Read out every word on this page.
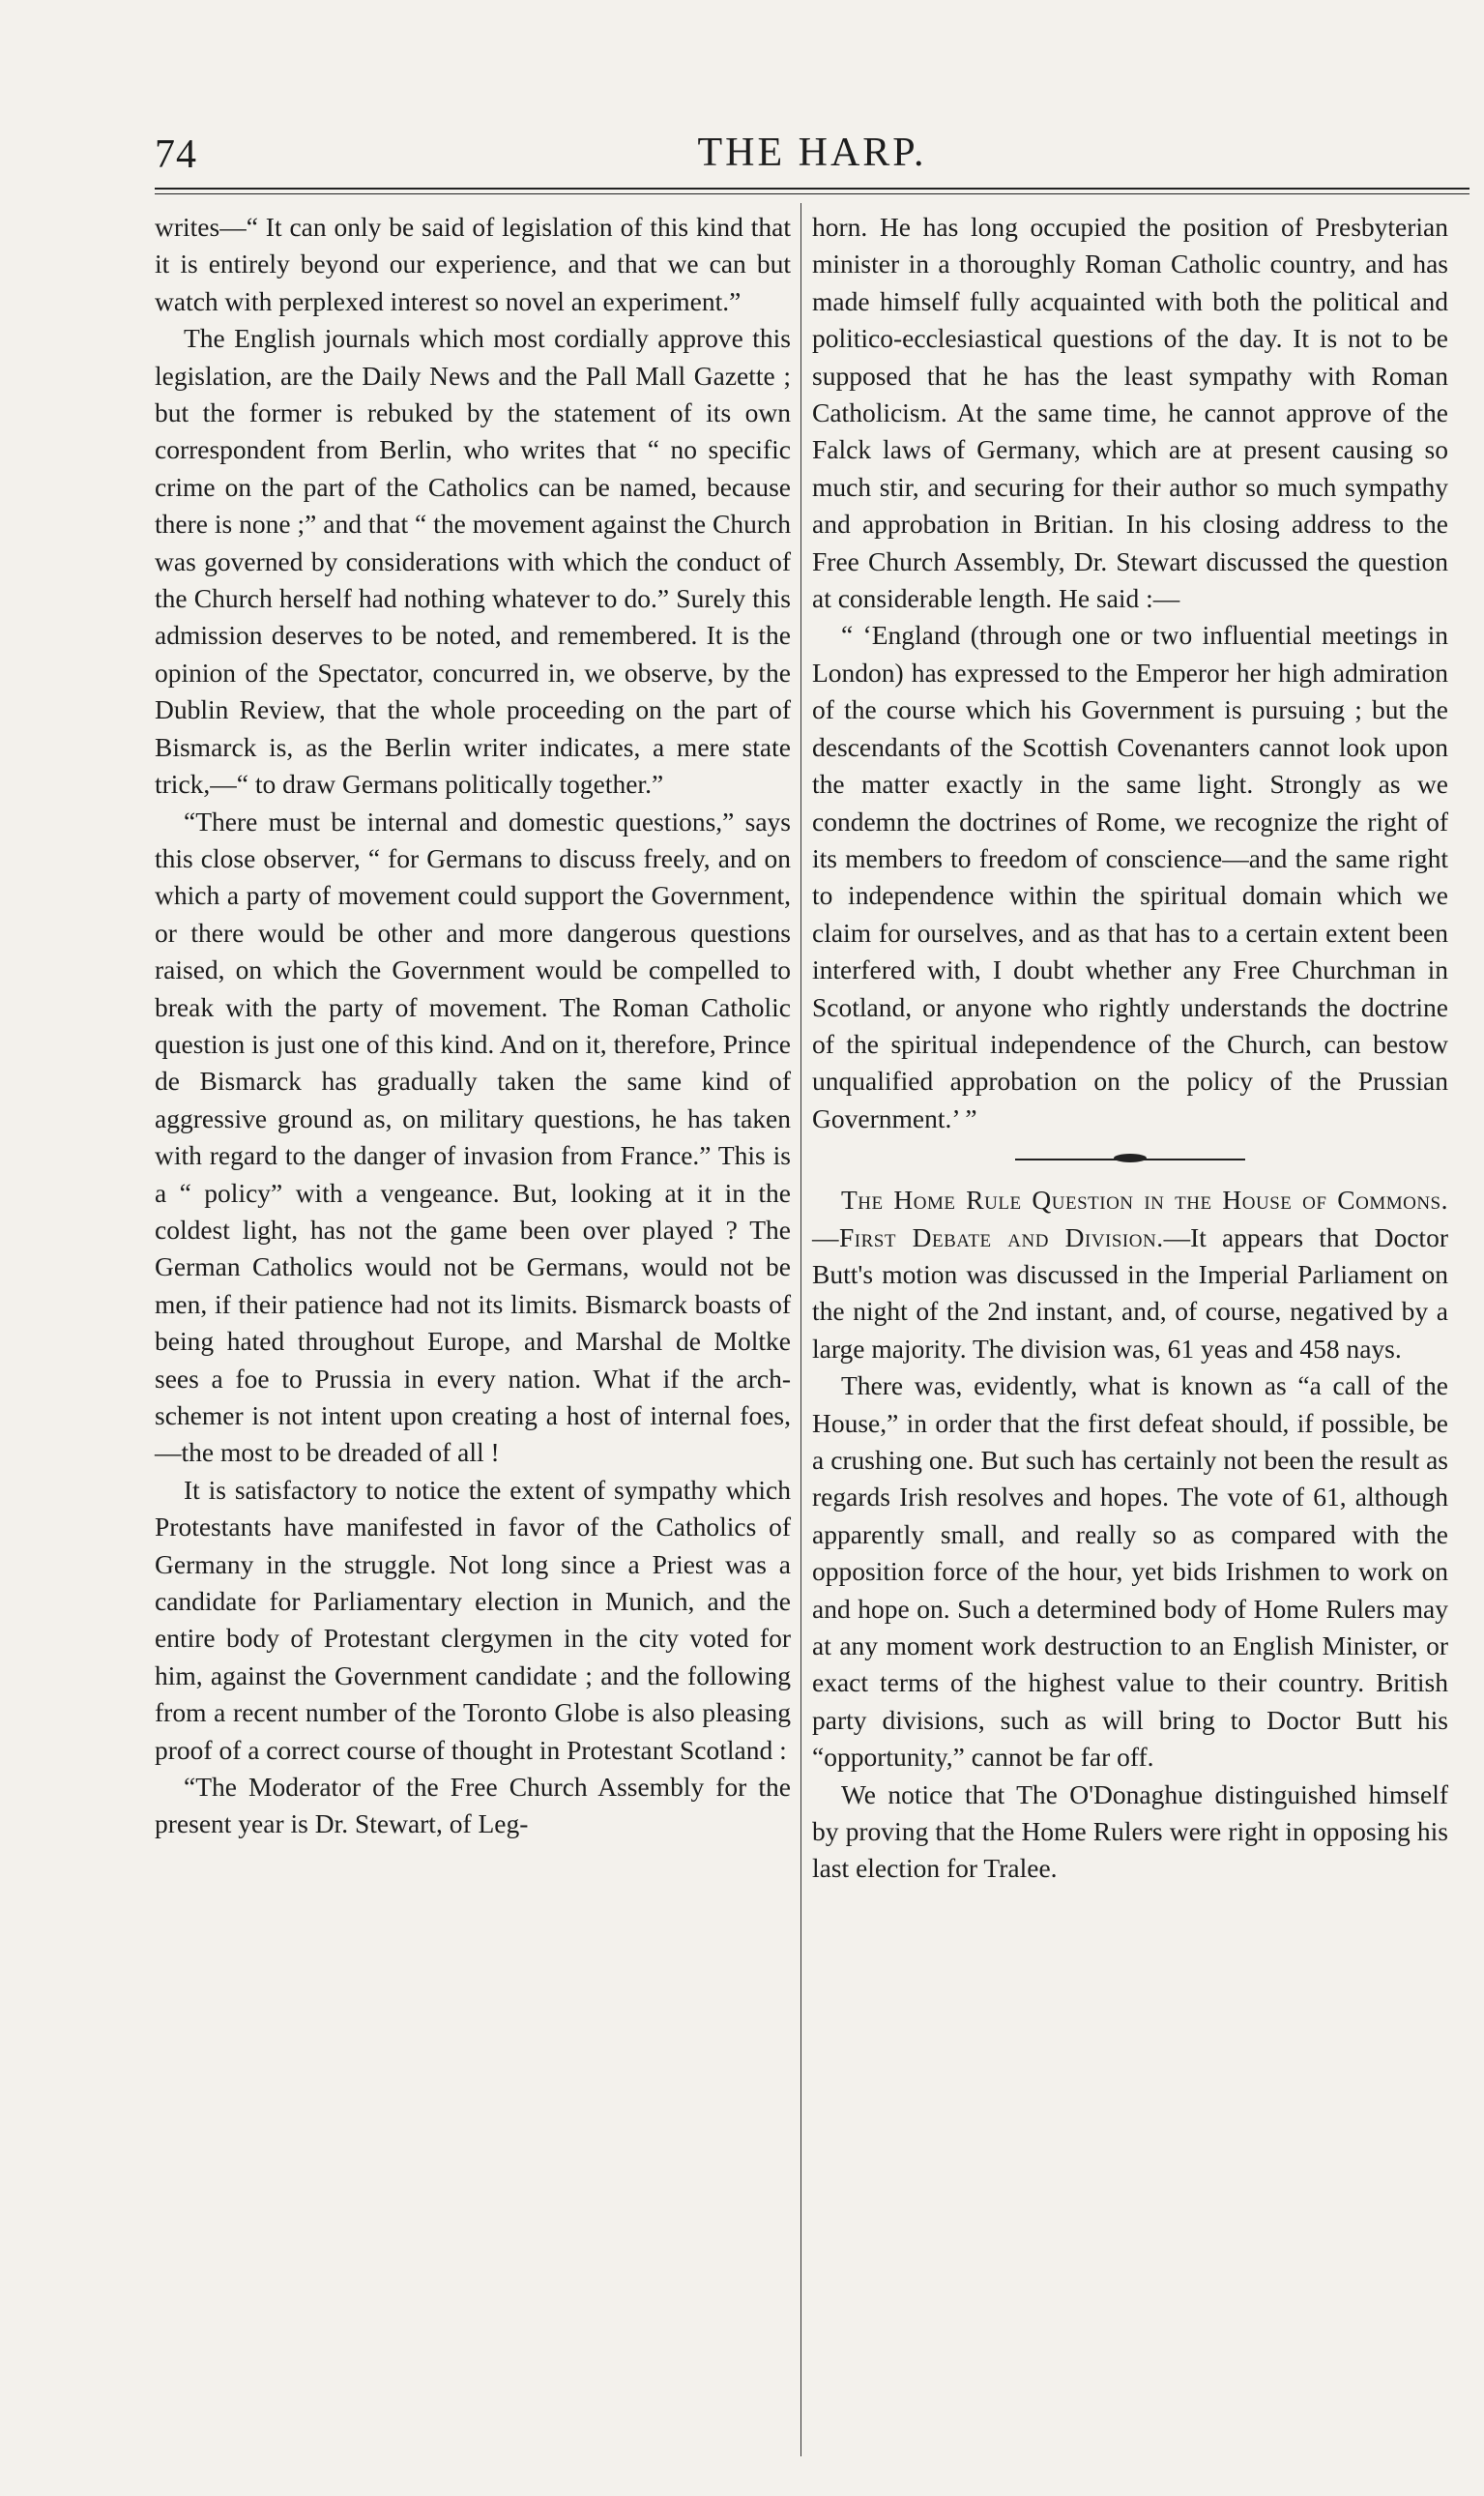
74	THE HARP.

writes—“ It can only be said of legislation of this kind that it is entirely beyond our experience, and that we can but watch with perplexed interest so novel an experiment.”

The English journals which most cordially approve this legislation, are the Daily News and the Pall Mall Gazette ; but the former is rebuked by the statement of its own correspondent from Berlin, who writes that “ no specific crime on the part of the Catholics can be named, because there is none ;” and that “ the movement against the Church was governed by considerations with which the conduct of the Church herself had nothing whatever to do.” Surely this admission deserves to be noted, and remembered. It is the opinion of the Spectator, concurred in, we observe, by the Dublin Review, that the whole proceeding on the part of Bismarck is, as the Berlin writer indicates, a mere state trick,—“ to draw Germans politically together.”

“There must be internal and domestic questions,” says this close observer, “ for Germans to discuss freely, and on which a party of movement could support the Government, or there would be other and more dangerous questions raised, on which the Government would be compelled to break with the party of movement. The Roman Catholic question is just one of this kind. And on it, therefore, Prince de Bismarck has gradually taken the same kind of aggressive ground as, on military questions, he has taken with regard to the danger of invasion from France.” This is a “ policy” with a vengeance. But, looking at it in the coldest light, has not the game been over played ? The German Catholics would not be Germans, would not be men, if their patience had not its limits. Bismarck boasts of being hated throughout Europe, and Marshal de Moltke sees a foe to Prussia in every nation. What if the arch-schemer is not intent upon creating a host of internal foes,—the most to be dreaded of all !

It is satisfactory to notice the extent of sympathy which Protestants have manifested in favor of the Catholics of Germany in the struggle. Not long since a Priest was a candidate for Parliamentary election in Munich, and the entire body of Protestant clergymen in the city voted for him, against the Government candidate ; and the following from a recent number of the Toronto Globe is also pleasing proof of a correct course of thought in Protestant Scotland :

“The Moderator of the Free Church Assembly for the present year is Dr. Stewart, of Leg-

horn. He has long occupied the position of Presbyterian minister in a thoroughly Roman Catholic country, and has made himself fully acquainted with both the political and politico-ecclesiastical questions of the day. It is not to be supposed that he has the least sympathy with Roman Catholicism. At the same time, he cannot approve of the Falck laws of Germany, which are at present causing so much stir, and securing for their author so much sympathy and approbation in Britian. In his closing address to the Free Church Assembly, Dr. Stewart discussed the question at considerable length. He said :—

“ ‘England (through one or two influential meetings in London) has expressed to the Emperor her high admiration of the course which his Government is pursuing ; but the descendants of the Scottish Covenanters cannot look upon the matter exactly in the same light. Strongly as we condemn the doctrines of Rome, we recognize the right of its members to freedom of conscience—and the same right to independence within the spiritual domain which we claim for ourselves, and as that has to a certain extent been interfered with, I doubt whether any Free Churchman in Scotland, or anyone who rightly understands the doctrine of the spiritual independence of the Church, can bestow unqualified approbation on the policy of the Prussian Government.’ ”

The Home Rule Question in the House of Commons.—First Debate and Division.—It appears that Doctor Butt's motion was discussed in the Imperial Parliament on the night of the 2nd instant, and, of course, negatived by a large majority. The division was, 61 yeas and 458 nays.

There was, evidently, what is known as “a call of the House,” in order that the first defeat should, if possible, be a crushing one. But such has certainly not been the result as regards Irish resolves and hopes. The vote of 61, although apparently small, and really so as compared with the opposition force of the hour, yet bids Irishmen to work on and hope on. Such a determined body of Home Rulers may at any moment work destruction to an English Minister, or exact terms of the highest value to their country. British party divisions, such as will bring to Doctor Butt his “opportunity,” cannot be far off.

We notice that The O'Donaghue distinguished himself by proving that the Home Rulers were right in opposing his last election for Tralee.
